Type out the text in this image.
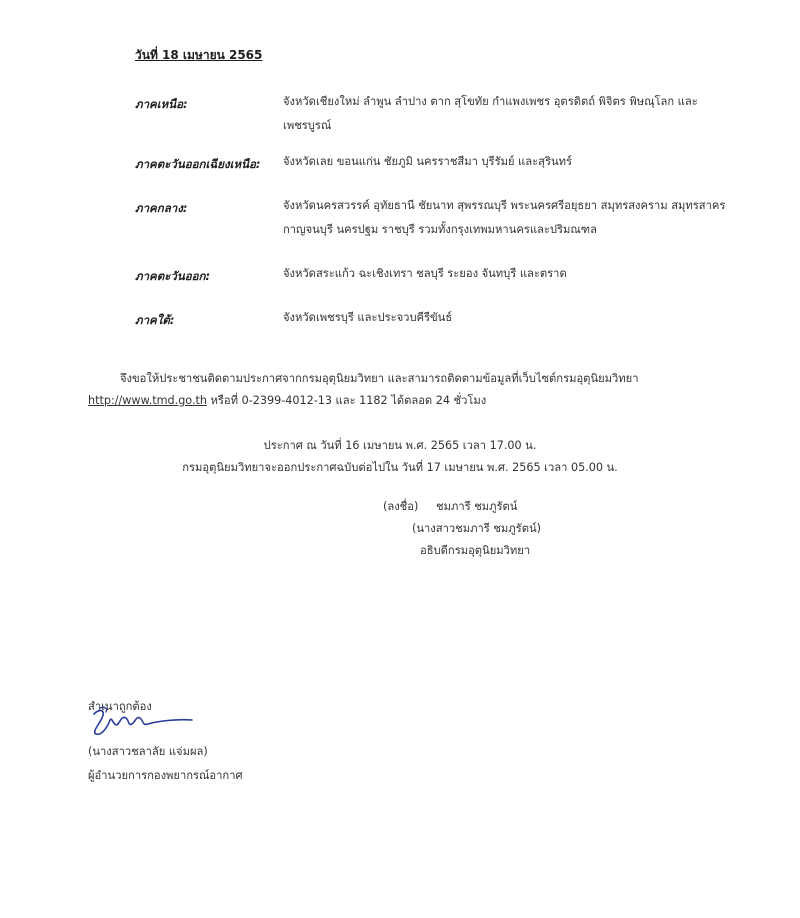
วันที่ 18 เมษายน 2565
ภาคเหนือ:	จังหวัดเชียงใหม่ ลำพูน ลำปาง ตาก สุโขทัย กำแพงเพชร อุตรดิตถ์ พิจิตร พิษณุโลก และเพชรบูรณ์
ภาคตะวันออกเฉียงเหนือ:	จังหวัดเลย ขอนแก่น ชัยภูมิ นครราชสีมา บุรีรัมย์ และสุรินทร์
ภาคกลาง:	จังหวัดนครสวรรค์ อุทัยธานี ชัยนาท สุพรรณบุรี พระนครศรีอยุธยา สมุทรสงคราม สมุทรสาคร กาญจนบุรี นครปฐม ราชบุรี รวมทั้งกรุงเทพมหานครและปริมณฑล
ภาคตะวันออก:	จังหวัดสระแก้ว ฉะเชิงเทรา ชลบุรี ระยอง จันทบุรี และตราด
ภาคใต้:	จังหวัดเพชรบุรี และประจวบคีรีขันธ์
จึงขอให้ประชาชนติดตามประกาศจากกรมอุตุนิยมวิทยา และสามารถติดตามข้อมูลที่เว็บไซต์กรมอุตุนิยมวิทยา http://www.tmd.go.th หรือที่ 0-2399-4012-13 และ 1182 ได้ตลอด 24 ชั่วโมง
ประกาศ ณ วันที่ 16 เมษายน พ.ศ. 2565 เวลา 17.00 น.
กรมอุตุนิยมวิทยาจะออกประกาศฉบับต่อไปใน วันที่ 17 เมษายน พ.ศ. 2565 เวลา 05.00 น.
(ลงชื่อ) ชมภารี ชมภูรัตน์
(นางสาวชมภารี ชมภูรัตน์)
อธิบดีกรมอุตุนิยมวิทยา
สำเนาถูกต้อง
(นางสาวชลาลัย แจ่มผล)
ผู้อำนวยการกองพยากรณ์อากาศ
